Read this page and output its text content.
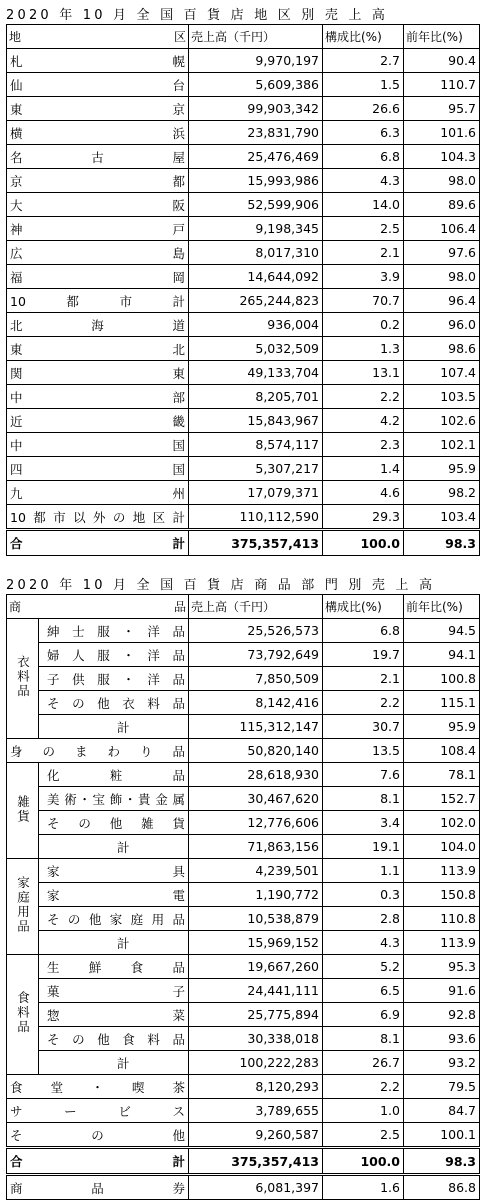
2020 年 10 月 全 国 百 貨 店 地 区 別 売 上 高
地 区	売上高（千円）	構成比(%)	前年比(%)
札幌	9,970,197	2.7	90.4
仙台	5,609,386	1.5	110.7
東京	99,903,342	26.6	95.7
横浜	23,831,790	6.3	101.6
名古屋	25,476,469	6.8	104.3
京都	15,993,986	4.3	98.0
大阪	52,599,906	14.0	89.6
神戸	9,198,345	2.5	106.4
広島	8,017,310	2.1	97.6
福岡	14,644,092	3.9	98.0
10都市計	265,244,823	70.7	96.4
北海道	936,004	0.2	96.0
東北	5,032,509	1.3	98.6
関東	49,133,704	13.1	107.4
中部	8,205,701	2.2	103.5
近畿	15,843,967	4.2	102.6
中国	8,574,117	2.3	102.1
四国	5,307,217	1.4	95.9
九州	17,079,371	4.6	98.2
10都市以外の地区計	110,112,590	29.3	103.4
合計	375,357,413	100.0	98.3
2020 年 10 月 全 国 百 貨 店 商 品 部 門 別 売 上 高
商 品		売上高（千円）	構成比(%)	前年比(%)
衣料品	紳士服・洋品	25,526,573	6.8	94.5
	婦人服・洋品	73,792,649	19.7	94.1
	子供服・洋品	7,850,509	2.1	100.8
	その他衣料品	8,142,416	2.2	115.1
	計	115,312,147	30.7	95.9
身のまわり品		50,820,140	13.5	108.4
雑貨	化粧品	28,618,930	7.6	78.1
	美術･宝飾･貴金属	30,467,620	8.1	152.7
	その他雑貨	12,776,606	3.4	102.0
	計	71,863,156	19.1	104.0
家庭用品	家具	4,239,501	1.1	113.9
	家電	1,190,772	0.3	150.8
	その他家庭用品	10,538,879	2.8	110.8
	計	15,969,152	4.3	113.9
食料品	生鮮食品	19,667,260	5.2	95.3
	菓子	24,441,111	6.5	91.6
	惣菜	25,775,894	6.9	92.8
	その他食料品	30,338,018	8.1	93.6
	計	100,222,283	26.7	93.2
食堂・喫茶		8,120,293	2.2	79.5
サービス		3,789,655	1.0	84.7
その他		9,260,587	2.5	100.1
合計		375,357,413	100.0	98.3
商品券		6,081,397	1.6	86.8
